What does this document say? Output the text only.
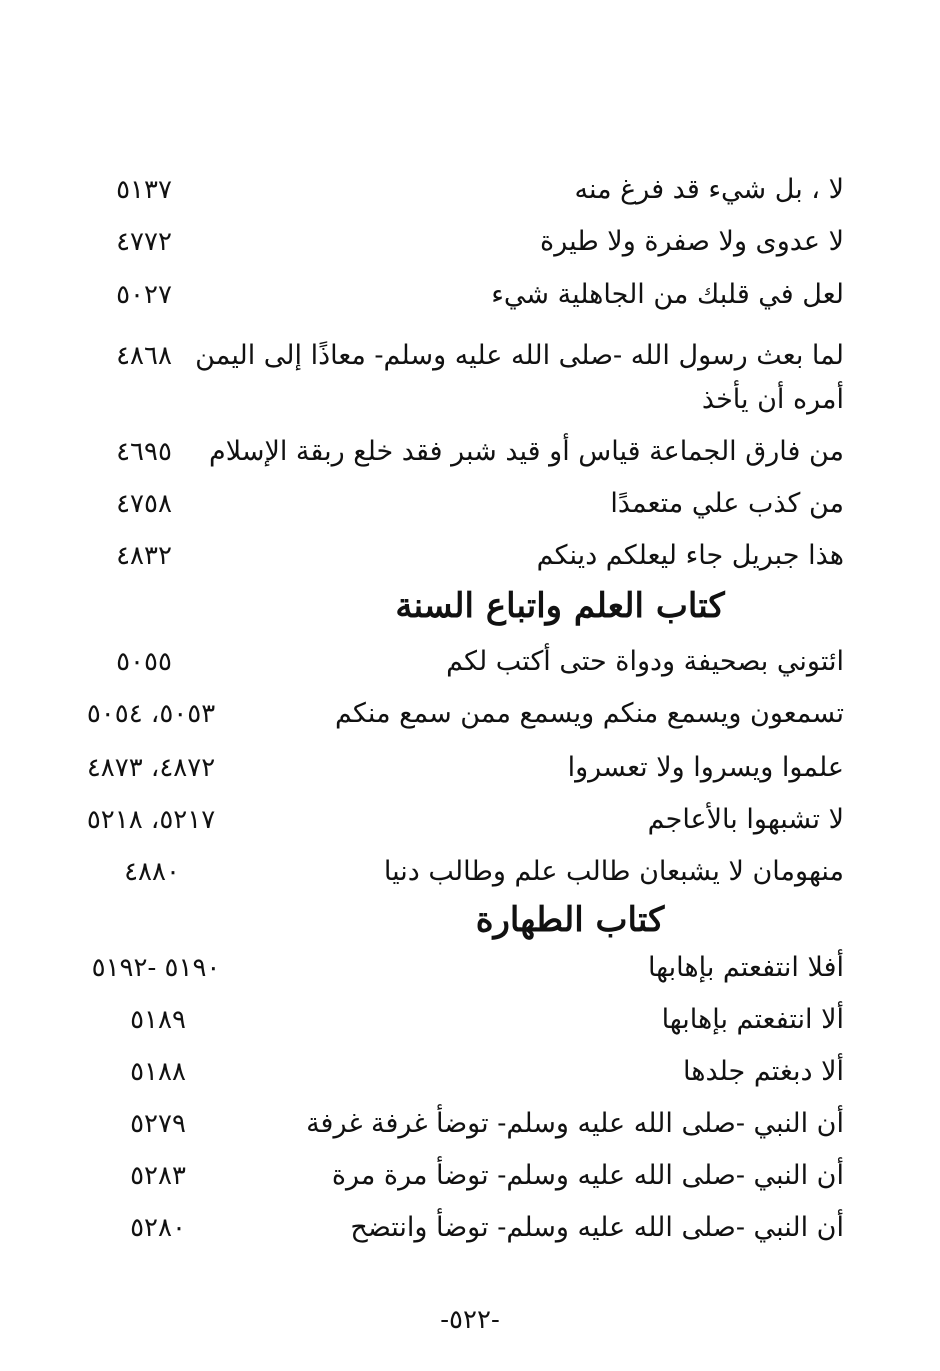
لا ، بل شيء قد فرغ منه
٥١٣٧
لا عدوى ولا صفرة ولا طيرة
٤٧٧٢
لعل في قلبك من الجاهلية شيء
٥٠٢٧
لما بعث رسول الله -صلى الله عليه وسلم- معاذًا إلى اليمن
أمره أن يأخذ
٤٨٦٨
من فارق الجماعة قياس أو قيد شبر فقد خلع ربقة الإسلام
٤٦٩٥
من كذب علي متعمدًا
٤٧٥٨
هذا جبريل جاء ليعلكم دينكم
٤٨٣٢
كتاب العلم واتباع السنة
ائتوني بصحيفة ودواة حتى أكتب لكم
٥٠٥٥
تسمعون ويسمع منكم ويسمع ممن سمع منكم
٥٠٥٣، ٥٠٥٤
علموا ويسروا ولا تعسروا
٤٨٧٢، ٤٨٧٣
لا تشبهوا بالأعاجم
٥٢١٧، ٥٢١٨
منهومان لا يشبعان طالب علم وطالب دنيا
٤٨٨٠
كتاب الطهارة
أفلا انتفعتم بإهابها
٥١٩٠ -٥١٩٢
ألا انتفعتم بإهابها
٥١٨٩
ألا دبغتم جلدها
٥١٨٨
أن النبي -صلى الله عليه وسلم- توضأ غرفة غرفة
٥٢٧٩
أن النبي -صلى الله عليه وسلم- توضأ مرة مرة
٥٢٨٣
أن النبي -صلى الله عليه وسلم- توضأ وانتضح
٥٢٨٠
-٥٢٢-
